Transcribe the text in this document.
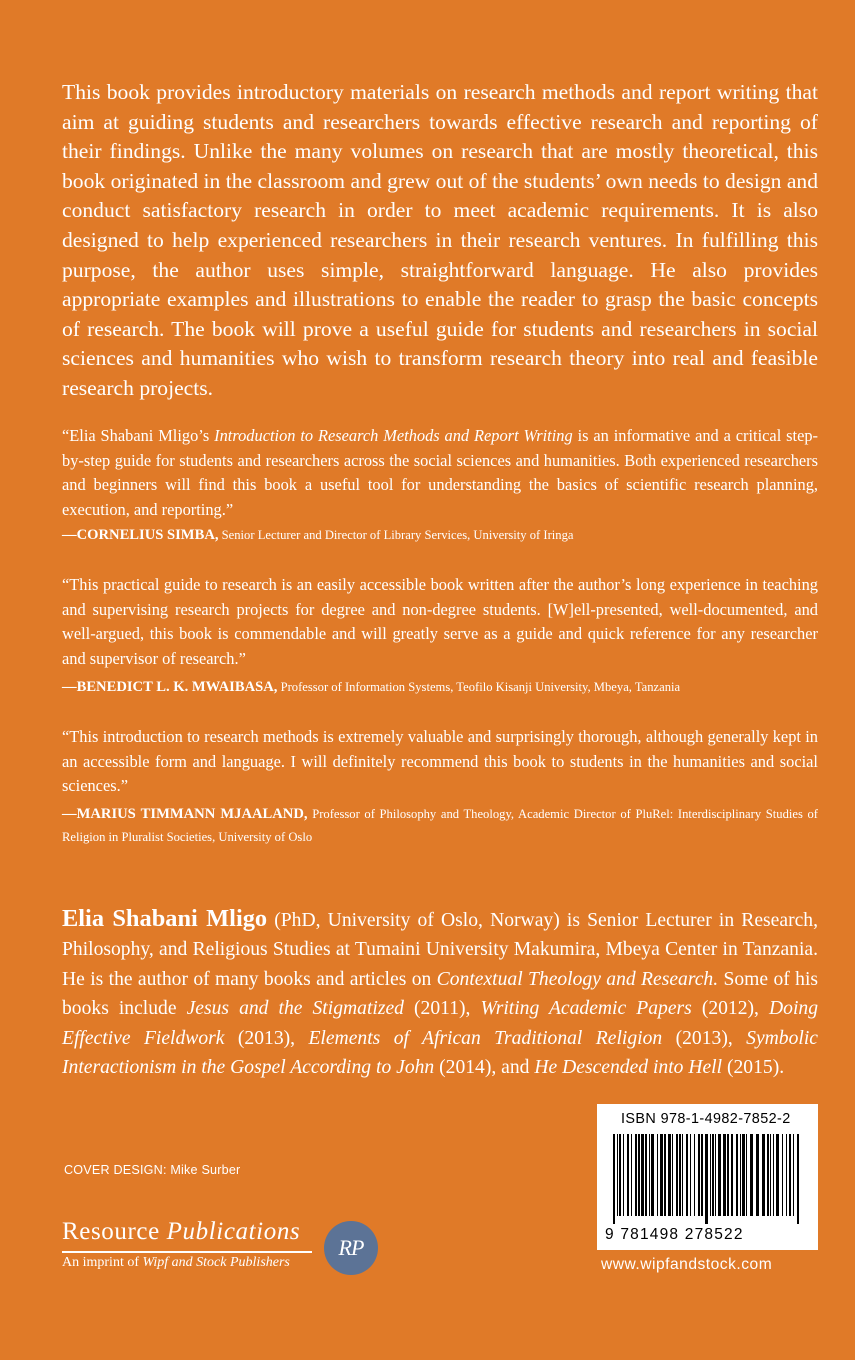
This book provides introductory materials on research methods and report writing that aim at guiding students and researchers towards effective research and reporting of their findings. Unlike the many volumes on research that are mostly theoretical, this book originated in the classroom and grew out of the students’ own needs to design and conduct satisfactory research in order to meet academic requirements. It is also designed to help experienced researchers in their research ventures. In fulfilling this purpose, the author uses simple, straightforward language. He also provides appropriate examples and illustrations to enable the reader to grasp the basic concepts of research. The book will prove a useful guide for students and researchers in social sciences and humanities who wish to transform research theory into real and feasible research projects.

“Elia Shabani Mligo’s Introduction to Research Methods and Report Writing is an informative and a critical step-by-step guide for students and researchers across the social sciences and humanities. Both experienced researchers and beginners will find this book a useful tool for understanding the basics of scientific research planning, execution, and reporting.”

—CORNELIUS SIMBA, Senior Lecturer and Director of Library Services, University of Iringa

“This practical guide to research is an easily accessible book written after the author’s long experience in teaching and supervising research projects for degree and non-degree students. [W]ell-presented, well-documented, and well-argued, this book is commendable and will greatly serve as a guide and quick reference for any researcher and supervisor of research.”

—BENEDICT L. K. MWAIBASA, Professor of Information Systems, Teofilo Kisanji University, Mbeya, Tanzania

“This introduction to research methods is extremely valuable and surprisingly thorough, although generally kept in an accessible form and language. I will definitely recommend this book to students in the humanities and social sciences.”

—MARIUS TIMMANN MJAALAND, Professor of Philosophy and Theology, Academic Director of PluRel: Interdisciplinary Studies of Religion in Pluralist Societies, University of Oslo

Elia Shabani Mligo (PhD, University of Oslo, Norway) is Senior Lecturer in Research, Philosophy, and Religious Studies at Tumaini University Makumira, Mbeya Center in Tanzania. He is the author of many books and articles on Contextual Theology and Research. Some of his books include Jesus and the Stigmatized (2011), Writing Academic Papers (2012), Doing Effective Fieldwork (2013), Elements of African Traditional Religion (2013), Symbolic Interactionism in the Gospel According to John (2014), and He Descended into Hell (2015).

COVER DESIGN: Mike Surber
Resource Publications
An imprint of Wipf and Stock Publishers
RP
ISBN 978-1-4982-7852-2
9 781498 278522
www.wipfandstock.com
